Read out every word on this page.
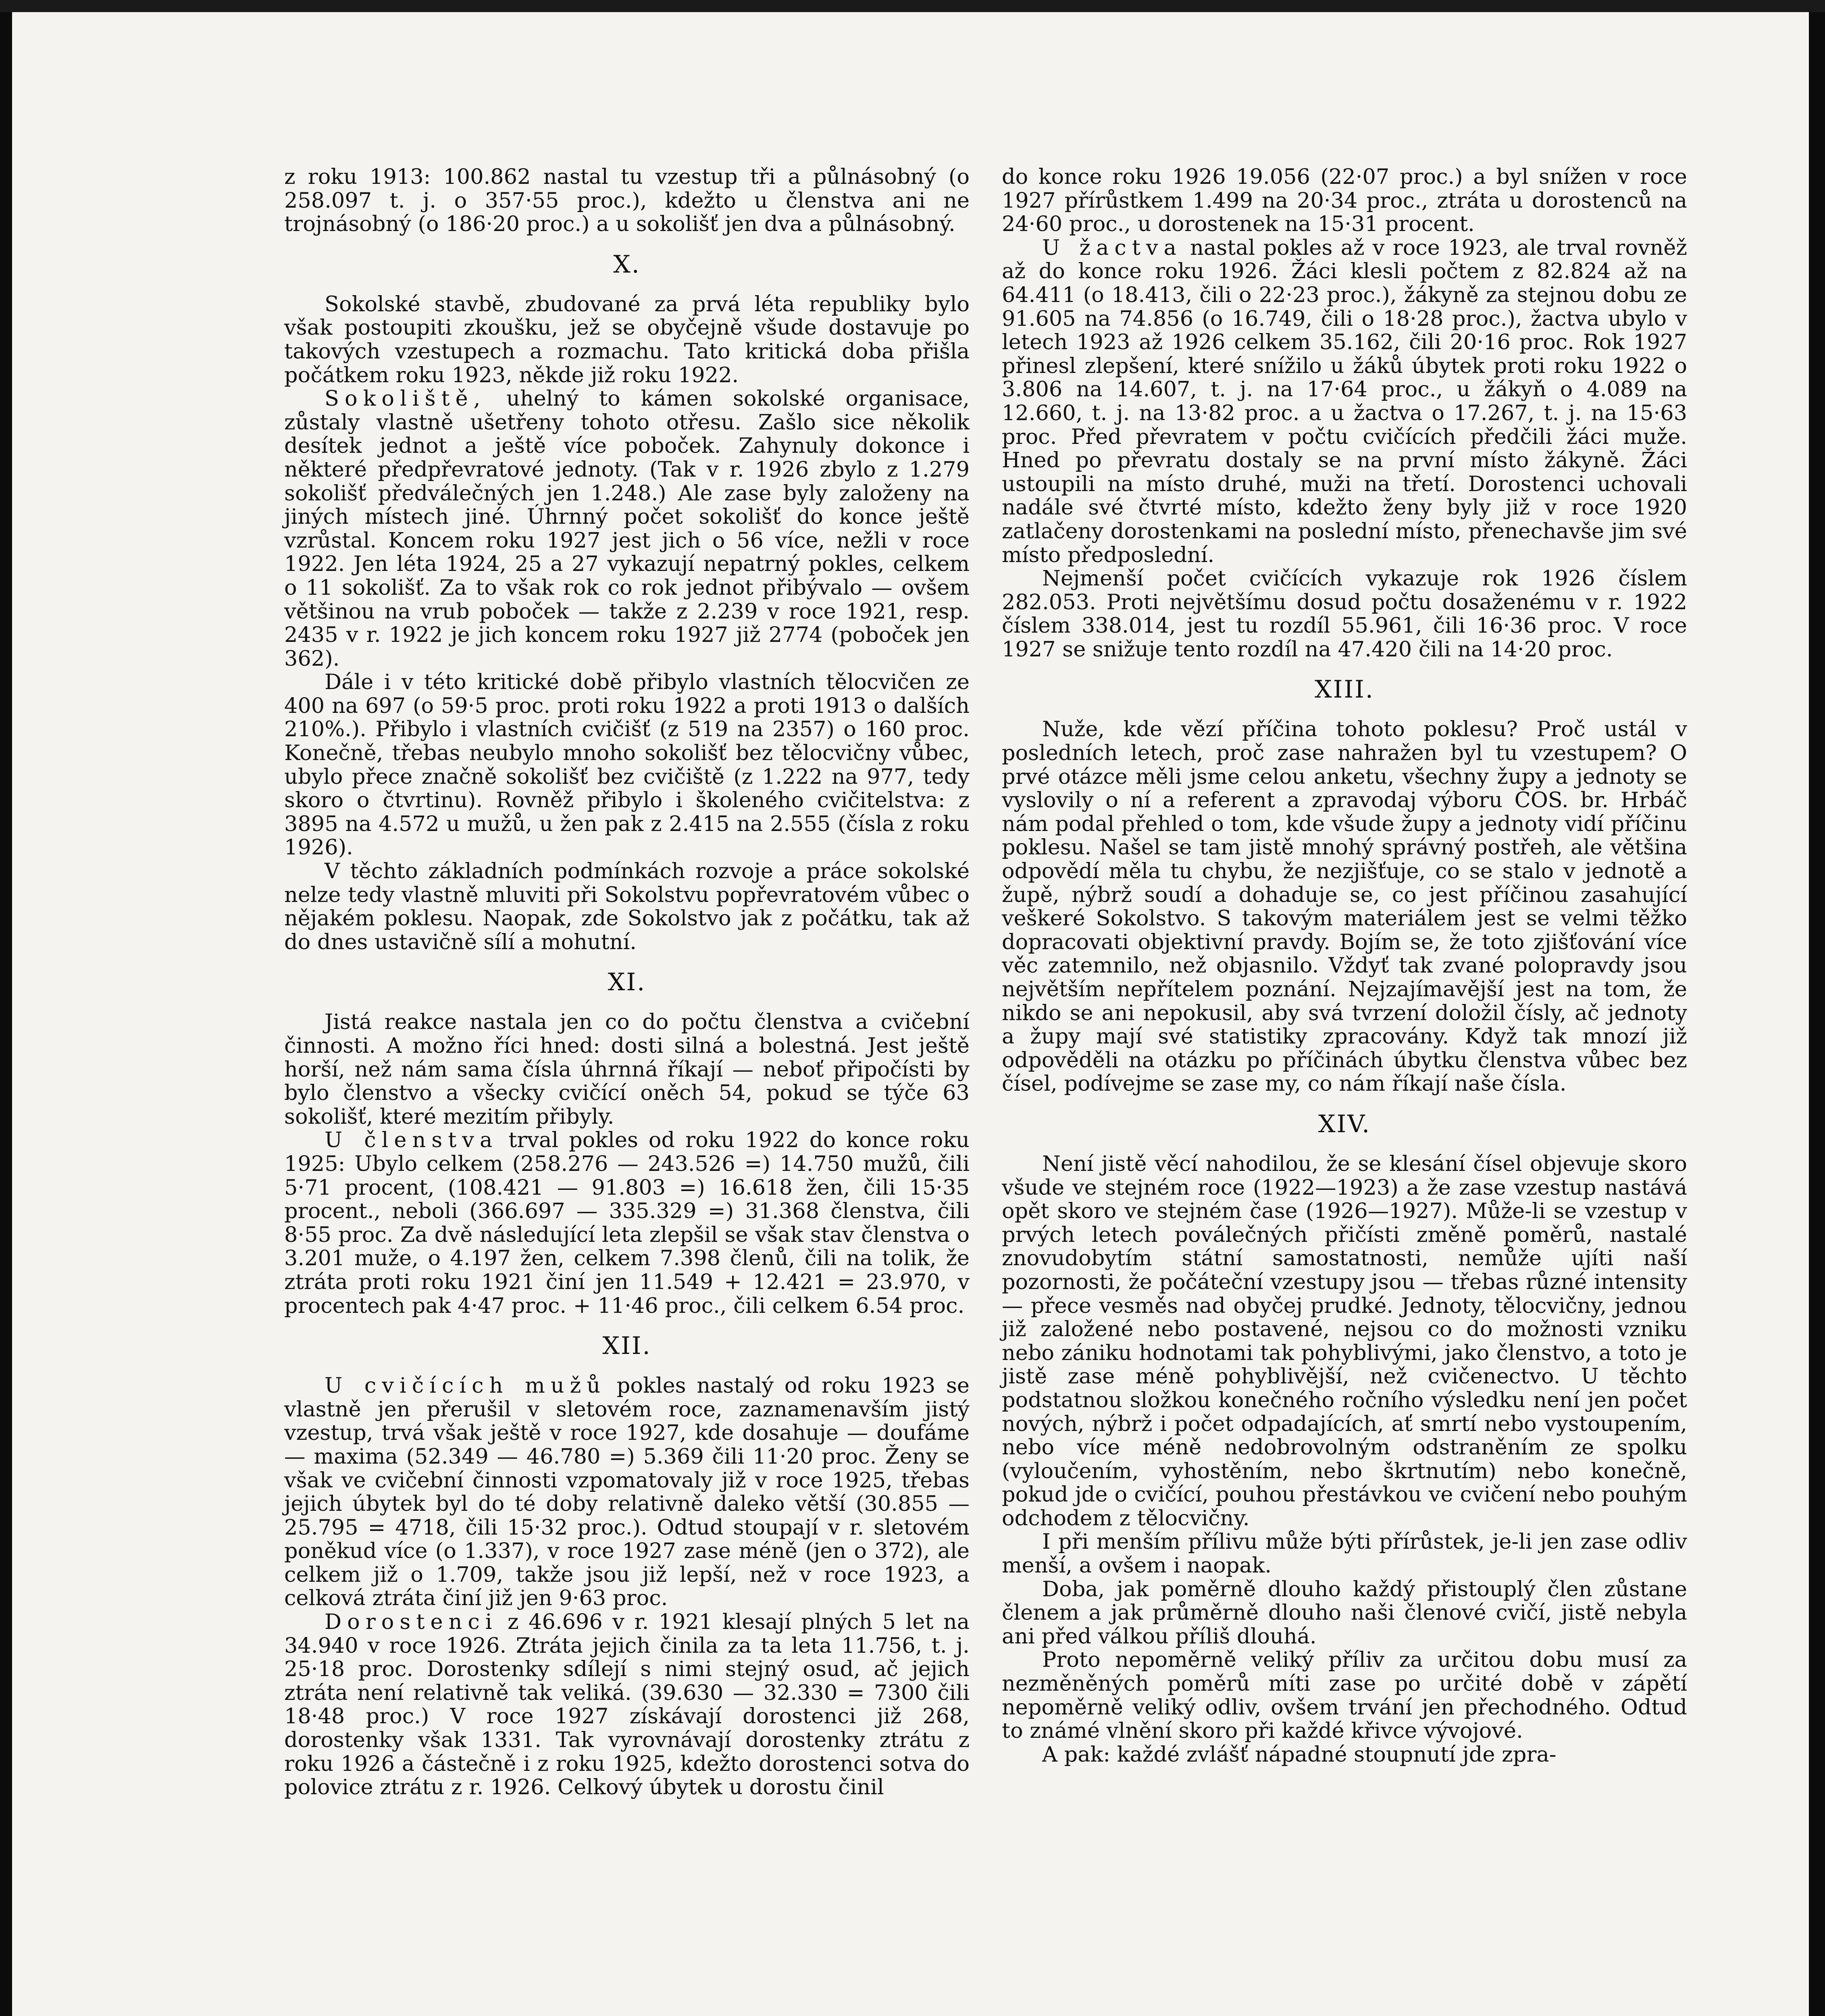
z roku 1913: 100.862 nastal tu vzestup tři a půlnásobný (o 258.097 t. j. o 357·55 proc.), kdežto u členstva ani ne trojnásobný (o 186·20 proc.) a u sokolišť jen dva a půlnásobný.

X.

Sokolské stavbě, zbudované za prvá léta republiky bylo však postoupiti zkoušku, jež se obyčejně všude dostavuje po takových vzestupech a rozmachu. Tato kritická doba přišla počátkem roku 1923, někde již roku 1922.

Sokoliště, uhelný to kámen sokolské organisace, zůstaly vlastně ušetřeny tohoto otřesu. Zašlo sice několik desítek jednot a ještě více poboček. Zahynuly dokonce i některé předpřevratové jednoty. (Tak v r. 1926 zbylo z 1.279 sokolišť předválečných jen 1.248.) Ale zase byly založeny na jiných místech jiné. Úhrnný počet sokolišť do konce ještě vzrůstal. Koncem roku 1927 jest jich o 56 více, nežli v roce 1922. Jen léta 1924, 25 a 27 vykazují nepatrný pokles, celkem o 11 sokolišť. Za to však rok co rok jednot přibývalo — ovšem většinou na vrub poboček — takže z 2.239 v roce 1921, resp. 2435 v r. 1922 je jich koncem roku 1927 již 2774 (poboček jen 362).

Dále i v této kritické době přibylo vlastních tělocvičen ze 400 na 697 (o 59·5 proc. proti roku 1922 a proti 1913 o dalších 210%.). Přibylo i vlastních cvičišť (z 519 na 2357) o 160 proc. Konečně, třebas neubylo mnoho sokolišť bez tělocvičny vůbec, ubylo přece značně sokolišť bez cvičiště (z 1.222 na 977, tedy skoro o čtvrtinu). Rovněž přibylo i školeného cvičitelstva: z 3895 na 4.572 u mužů, u žen pak z 2.415 na 2.555 (čísla z roku 1926).

V těchto základních podmínkách rozvoje a práce sokolské nelze tedy vlastně mluviti při Sokolstvu popřevratovém vůbec o nějakém poklesu. Naopak, zde Sokolstvo jak z počátku, tak až do dnes ustavičně sílí a mohutní.

XI.

Jistá reakce nastala jen co do počtu členstva a cvičební činnosti. A možno říci hned: dosti silná a bolestná. Jest ještě horší, než nám sama čísla úhrnná říkají — neboť připočísti by bylo členstvo a všecky cvičící oněch 54, pokud se týče 63 sokolišť, které mezitím přibyly.

U členstva trval pokles od roku 1922 do konce roku 1925: Ubylo celkem (258.276 — 243.526 =) 14.750 mužů, čili 5·71 procent, (108.421 — 91.803 =) 16.618 žen, čili 15·35 procent., neboli (366.697 — 335.329 =) 31.368 členstva, čili 8·55 proc. Za dvě následující leta zlepšil se však stav členstva o 3.201 muže, o 4.197 žen, celkem 7.398 členů, čili na tolik, že ztráta proti roku 1921 činí jen 11.549 + 12.421 = 23.970, v procentech pak 4·47 proc. + 11·46 proc., čili celkem 6.54 proc.

XII.

U cvičících mužů pokles nastalý od roku 1923 se vlastně jen přerušil v sletovém roce, zaznamenavším jistý vzestup, trvá však ještě v roce 1927, kde dosahuje — doufáme — maxima (52.349 — 46.780 =) 5.369 čili 11·20 proc. Ženy se však ve cvičební činnosti vzpomatovaly již v roce 1925, třebas jejich úbytek byl do té doby relativně daleko větší (30.855 — 25.795 = 4718, čili 15·32 proc.). Odtud stoupají v r. sletovém poněkud více (o 1.337), v roce 1927 zase méně (jen o 372), ale celkem již o 1.709, takže jsou již lepší, než v roce 1923, a celková ztráta činí již jen 9·63 proc.

Dorostenci z 46.696 v r. 1921 klesají plných 5 let na 34.940 v roce 1926. Ztráta jejich činila za ta leta 11.756, t. j. 25·18 proc. Dorostenky sdílejí s nimi stejný osud, ač jejich ztráta není relativně tak veliká. (39.630 — 32.330 = 7300 čili 18·48 proc.) V roce 1927 získávají dorostenci již 268, dorostenky však 1331. Tak vyrovnávají dorostenky ztrátu z roku 1926 a částečně i z roku 1925, kdežto dorostenci sotva do polovice ztrátu z r. 1926. Celkový úbytek u dorostu činil

do konce roku 1926 19.056 (22·07 proc.) a byl snížen v roce 1927 přírůstkem 1.499 na 20·34 proc., ztráta u dorostenců na 24·60 proc., u dorostenek na 15·31 procent.

U žactva nastal pokles až v roce 1923, ale trval rovněž až do konce roku 1926. Žáci klesli počtem z 82.824 až na 64.411 (o 18.413, čili o 22·23 proc.), žákyně za stejnou dobu ze 91.605 na 74.856 (o 16.749, čili o 18·28 proc.), žactva ubylo v letech 1923 až 1926 celkem 35.162, čili 20·16 proc. Rok 1927 přinesl zlepšení, které snížilo u žáků úbytek proti roku 1922 o 3.806 na 14.607, t. j. na 17·64 proc., u žákyň o 4.089 na 12.660, t. j. na 13·82 proc. a u žactva o 17.267, t. j. na 15·63 proc. Před převratem v počtu cvičících předčili žáci muže. Hned po převratu dostaly se na první místo žákyně. Žáci ustoupili na místo druhé, muži na třetí. Dorostenci uchovali nadále své čtvrté místo, kdežto ženy byly již v roce 1920 zatlačeny dorostenkami na poslední místo, přenechavše jim své místo předposlední.

Nejmenší počet cvičících vykazuje rok 1926 číslem 282.053. Proti největšímu dosud počtu dosaženému v r. 1922 číslem 338.014, jest tu rozdíl 55.961, čili 16·36 proc. V roce 1927 se snižuje tento rozdíl na 47.420 čili na 14·20 proc.

XIII.

Nuže, kde vězí příčina tohoto poklesu? Proč ustál v posledních letech, proč zase nahražen byl tu vzestupem? O prvé otázce měli jsme celou anketu, všechny župy a jednoty se vyslovily o ní a referent a zpravodaj výboru ČOS. br. Hrbáč nám podal přehled o tom, kde všude župy a jednoty vidí příčinu poklesu. Našel se tam jistě mnohý správný postřeh, ale většina odpovědí měla tu chybu, že nezjišťuje, co se stalo v jednotě a župě, nýbrž soudí a dohaduje se, co jest příčinou zasahující veškeré Sokolstvo. S takovým materiálem jest se velmi těžko dopracovati objektivní pravdy. Bojím se, že toto zjišťování více věc zatemnilo, než objasnilo. Vždyť tak zvané polopravdy jsou největším nepřítelem poznání. Nejzajímavější jest na tom, že nikdo se ani nepokusil, aby svá tvrzení doložil čísly, ač jednoty a župy mají své statistiky zpracovány. Když tak mnozí již odpověděli na otázku po příčinách úbytku členstva vůbec bez čísel, podívejme se zase my, co nám říkají naše čísla.

XIV.

Není jistě věcí nahodilou, že se klesání čísel objevuje skoro všude ve stejném roce (1922—1923) a že zase vzestup nastává opět skoro ve stejném čase (1926—1927). Může-li se vzestup v prvých letech poválečných přičísti změně poměrů, nastalé znovudobytím státní samostatnosti, nemůže ujíti naší pozornosti, že počáteční vzestupy jsou — třebas různé intensity — přece vesměs nad obyčej prudké. Jednoty, tělocvičny, jednou již založené nebo postavené, nejsou co do možnosti vzniku nebo zániku hodnotami tak pohyblivými, jako členstvo, a toto je jistě zase méně pohyblivější, než cvičenectvo. U těchto podstatnou složkou konečného ročního výsledku není jen počet nových, nýbrž i počet odpadajících, ať smrtí nebo vystoupením, nebo více méně nedobrovolným odstraněním ze spolku (vyloučením, vyhostěním, nebo škrtnutím) nebo konečně, pokud jde o cvičící, pouhou přestávkou ve cvičení nebo pouhým odchodem z tělocvičny.

I při menším přílivu může býti přírůstek, je-li jen zase odliv menší, a ovšem i naopak.

Doba, jak poměrně dlouho každý přistouplý člen zůstane členem a jak průměrně dlouho naši členové cvičí, jistě nebyla ani před válkou příliš dlouhá.

Proto nepoměrně veliký příliv za určitou dobu musí za nezměněných poměrů míti zase po určité době v zápětí nepoměrně veliký odliv, ovšem trvání jen přechodného. Odtud to známé vlnění skoro při každé křivce vývojové.

A pak: každé zvlášť nápadné stoupnutí jde zpra-
